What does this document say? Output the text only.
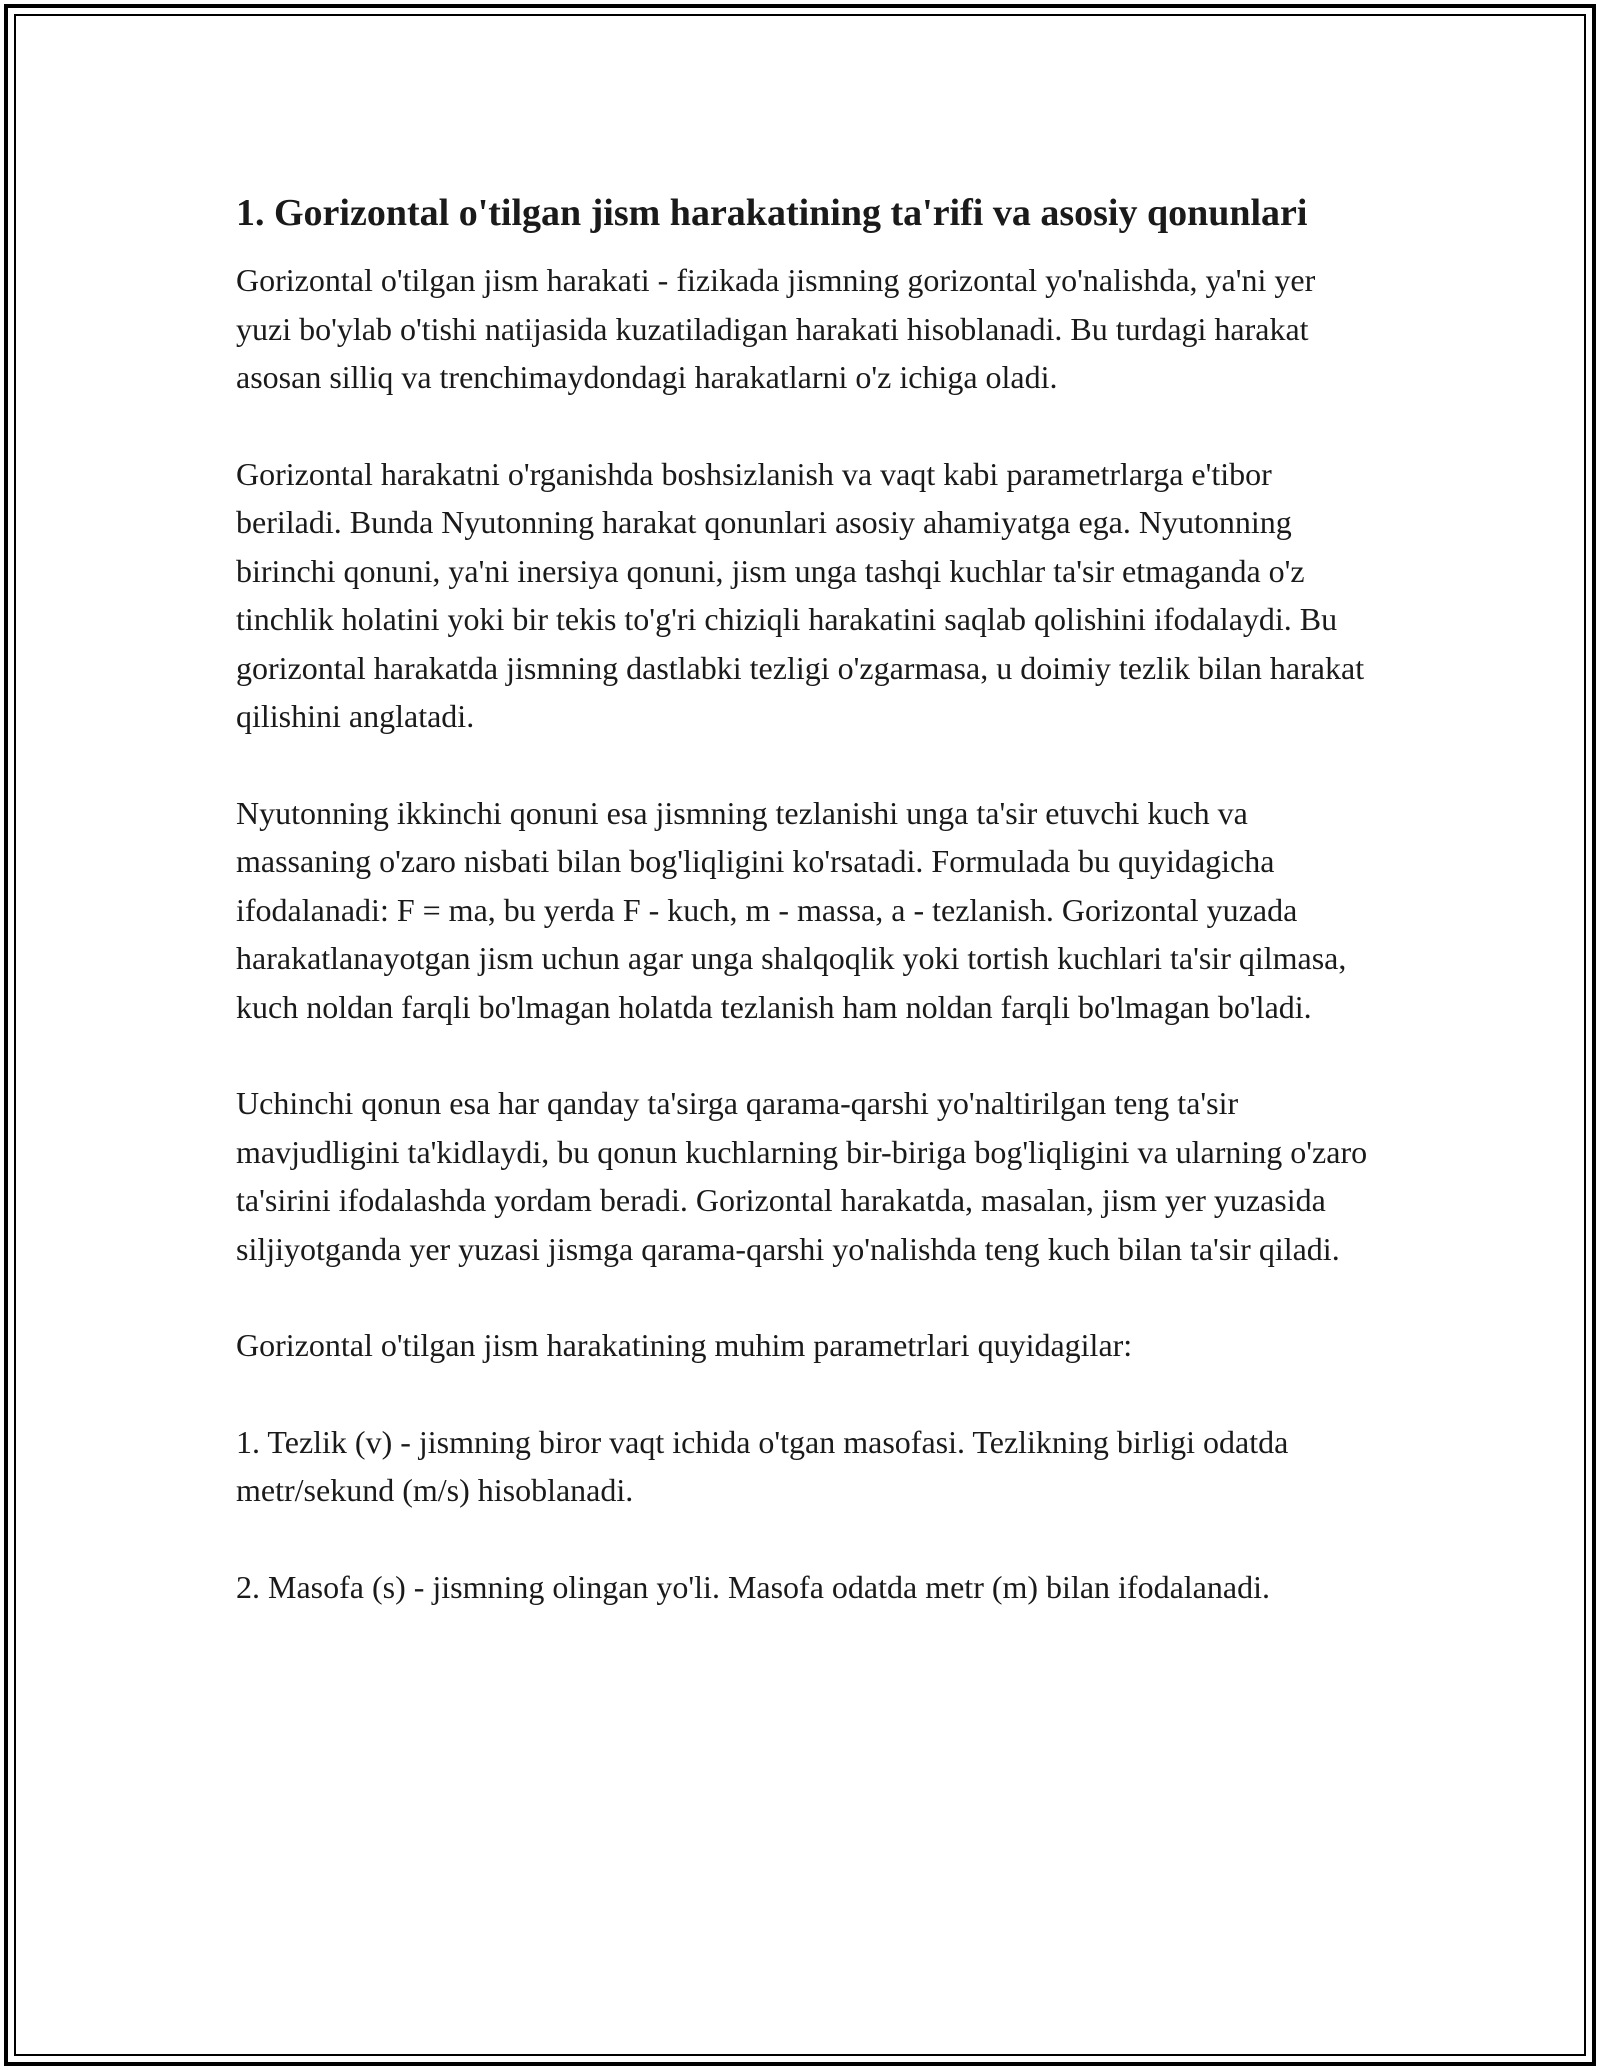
1. Gorizontal o'tilgan jism harakatining ta'rifi va asosiy qonunlari

Gorizontal o'tilgan jism harakati - fizikada jismning gorizontal yo'nalishda, ya'ni yer yuzi bo'ylab o'tishi natijasida kuzatiladigan harakati hisoblanadi. Bu turdagi harakat asosan silliq va trenchimaydondagi harakatlarni o'z ichiga oladi.

Gorizontal harakatni o'rganishda boshsizlanish va vaqt kabi parametrlarga e'tibor beriladi. Bunda Nyutonning harakat qonunlari asosiy ahamiyatga ega. Nyutonning birinchi qonuni, ya'ni inersiya qonuni, jism unga tashqi kuchlar ta'sir etmaganda o'z tinchlik holatini yoki bir tekis to'g'ri chiziqli harakatini saqlab qolishini ifodalaydi. Bu gorizontal harakatda jismning dastlabki tezligi o'zgarmasa, u doimiy tezlik bilan harakat qilishini anglatadi.

Nyutonning ikkinchi qonuni esa jismning tezlanishi unga ta'sir etuvchi kuch va massaning o'zaro nisbati bilan bog'liqligini ko'rsatadi. Formulada bu quyidagicha ifodalanadi: F = ma, bu yerda F - kuch, m - massa, a - tezlanish. Gorizontal yuzada harakatlanayotgan jism uchun agar unga shalqoqlik yoki tortish kuchlari ta'sir qilmasa, kuch noldan farqli bo'lmagan holatda tezlanish ham noldan farqli bo'lmagan bo'ladi.

Uchinchi qonun esa har qanday ta'sirga qarama-qarshi yo'naltirilgan teng ta'sir mavjudligini ta'kidlaydi, bu qonun kuchlarning bir-biriga bog'liqligini va ularning o'zaro ta'sirini ifodalashda yordam beradi. Gorizontal harakatda, masalan, jism yer yuzasida siljiyotganda yer yuzasi jismga qarama-qarshi yo'nalishda teng kuch bilan ta'sir qiladi.

Gorizontal o'tilgan jism harakatining muhim parametrlari quyidagilar:

1. Tezlik (v) - jismning biror vaqt ichida o'tgan masofasi. Tezlikning birligi odatda metr/sekund (m/s) hisoblanadi.

2. Masofa (s) - jismning olingan yo'li. Masofa odatda metr (m) bilan ifodalanadi.
